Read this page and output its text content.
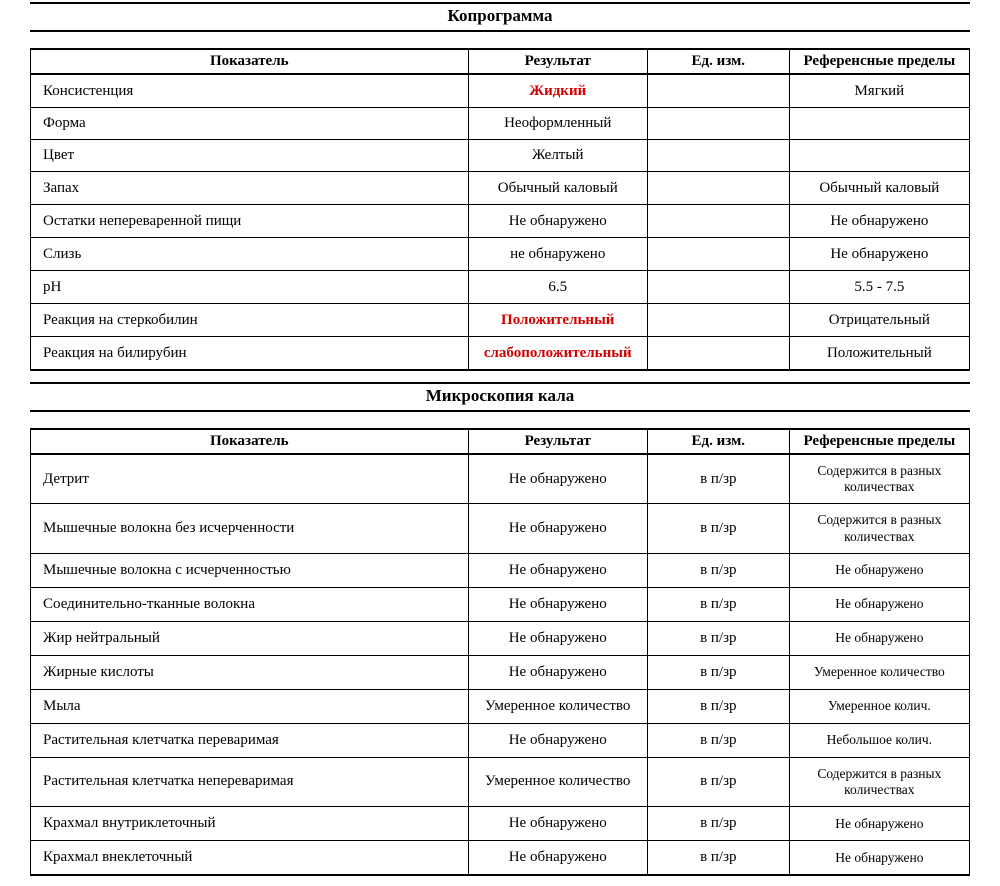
Копрограмма
Показатель	Результат	Ед. изм.	Референсные пределы
Консистенция	Жидкий		Мягкий
Форма	Неоформленный		
Цвет	Желтый		
Запах	Обычный каловый		Обычный каловый
Остатки непереваренной пищи	Не обнаружено		Не обнаружено
Слизь	не обнаружено		Не обнаружено
pH	6.5		5.5 - 7.5
Реакция на стеркобилин	Положительный		Отрицательный
Реакция на билирубин	слабоположительный		Положительный
Микроскопия кала
Показатель	Результат	Ед. изм.	Референсные пределы
Детрит	Не обнаружено	в п/зр	Содержится в разных количествах
Мышечные волокна без исчерченности	Не обнаружено	в п/зр	Содержится в разных количествах
Мышечные волокна с исчерченностью	Не обнаружено	в п/зр	Не обнаружено
Соединительно-тканные волокна	Не обнаружено	в п/зр	Не обнаружено
Жир нейтральный	Не обнаружено	в п/зр	Не обнаружено
Жирные кислоты	Не обнаружено	в п/зр	Умеренное количество
Мыла	Умеренное количество	в п/зр	Умеренное колич.
Растительная клетчатка переваримая	Не обнаружено	в п/зр	Небольшое колич.
Растительная клетчатка непереваримая	Умеренное количество	в п/зр	Содержится в разных количествах
Крахмал внутриклеточный	Не обнаружено	в п/зр	Не обнаружено
Крахмал внеклеточный	Не обнаружено	в п/зр	Не обнаружено
